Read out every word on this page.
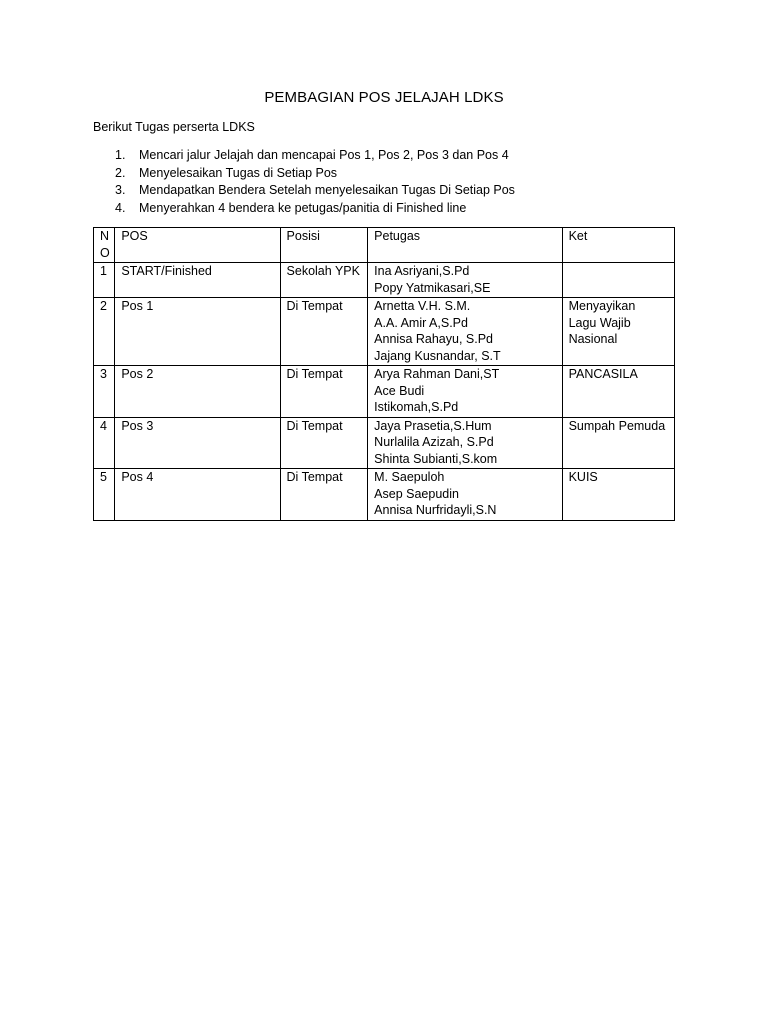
PEMBAGIAN POS JELAJAH LDKS
Berikut Tugas perserta LDKS
1. Mencari jalur Jelajah dan mencapai Pos 1, Pos 2, Pos 3 dan Pos 4
2. Menyelesaikan Tugas di Setiap Pos
3. Mendapatkan Bendera Setelah menyelesaikan Tugas Di Setiap Pos
4. Menyerahkan 4 bendera ke petugas/panitia di Finished line
N
O	POS	Posisi	Petugas	Ket
1	START/Finished	Sekolah YPK	Ina Asriyani,S.Pd
Popy Yatmikasari,SE	

2	Pos 1	Di Tempat	Arnetta V.H. S.M.
A.A. Amir A,S.Pd
Annisa Rahayu, S.Pd
Jajang Kusnandar, S.T	Menyayikan
Lagu Wajib
Nasional

3	Pos 2	Di Tempat	Arya Rahman Dani,ST
Ace Budi
Istikomah,S.Pd	PANCASILA

4	Pos 3	Di Tempat	Jaya Prasetia,S.Hum
Nurlalila Azizah, S.Pd
Shinta Subianti,S.kom	Sumpah Pemuda

5	Pos 4	Di Tempat	M. Saepuloh
Asep Saepudin
Annisa Nurfridayli,S.N	KUIS
